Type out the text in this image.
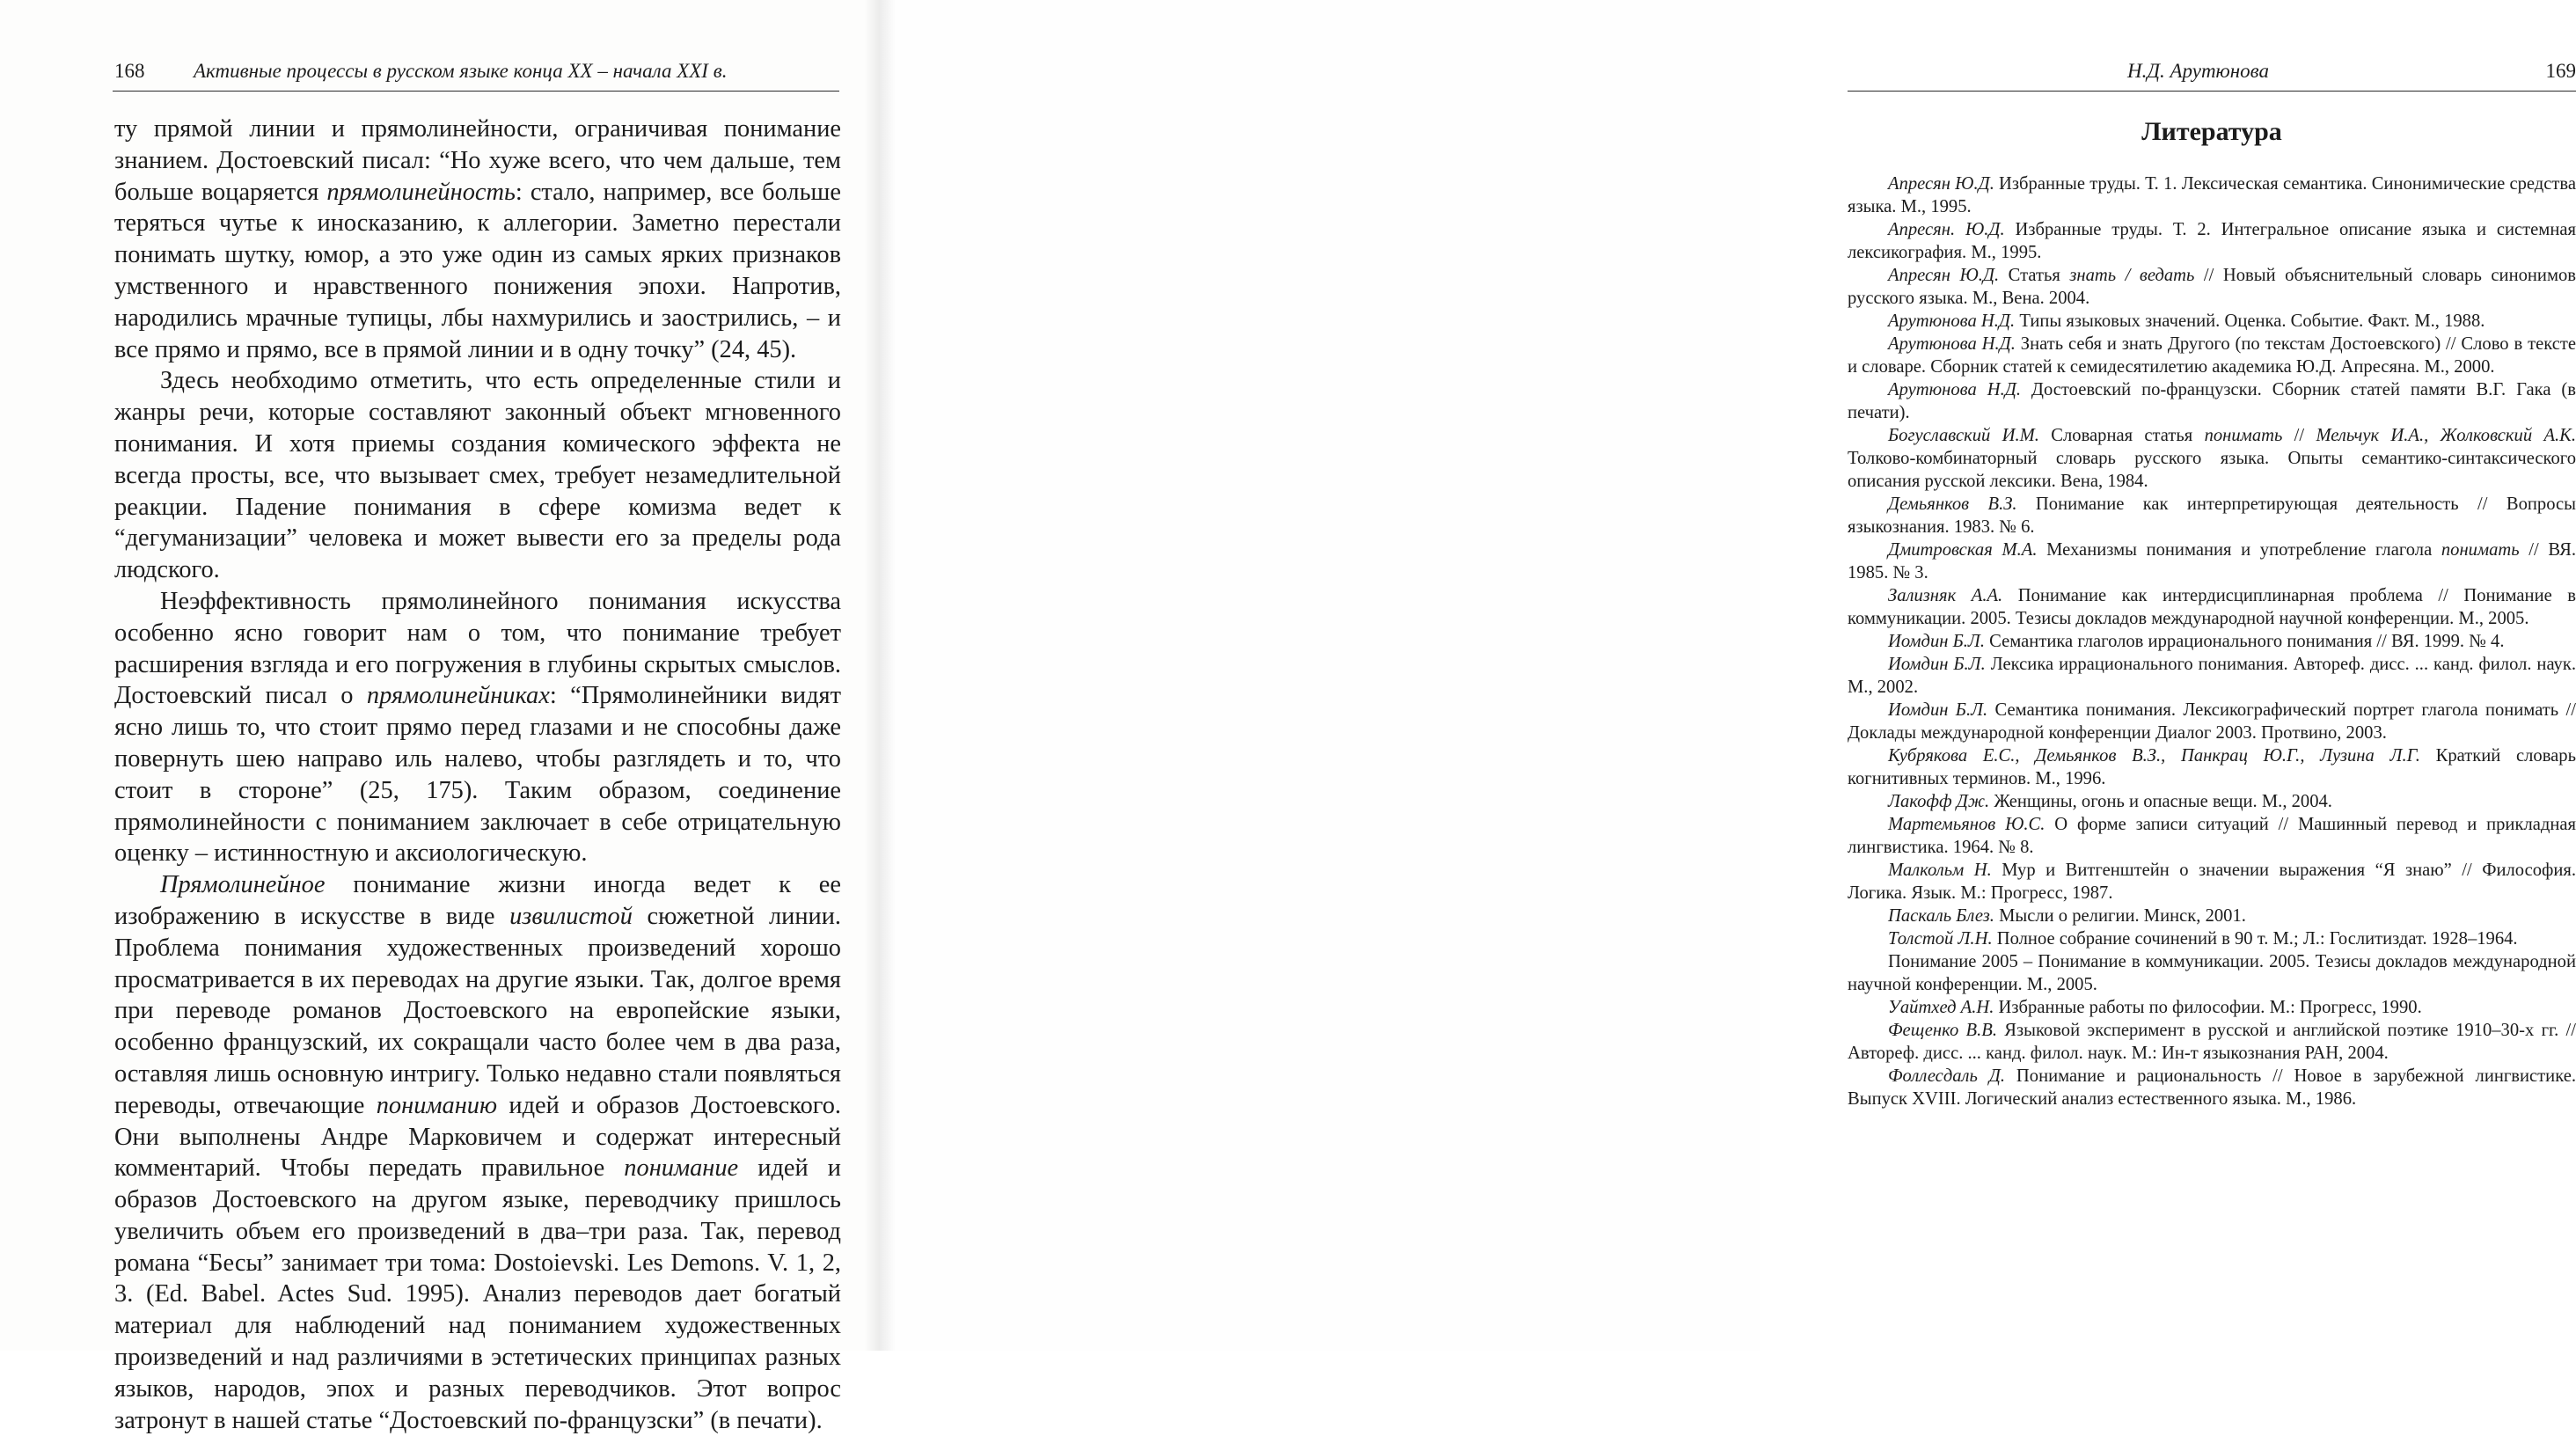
168 Активные процессы в русском языке конца XX – начала XXI в.

ту прямой линии и прямолинейности, ограничивая понимание знанием. Достоевский писал: “Но хуже всего, что чем дальше, тем больше воцаряется прямолинейность: стало, например, все больше теряться чутье к иносказанию, к аллегории. Заметно перестали понимать шутку, юмор, а это уже один из самых ярких признаков умственного и нравственного понижения эпохи. Напротив, народились мрачные тупицы, лбы нахмурились и заострились, – и все прямо и прямо, все в прямой линии и в одну точку” (24, 45).

Здесь необходимо отметить, что есть определенные стили и жанры речи, которые составляют законный объект мгновенного понимания. И хотя приемы создания комического эффекта не всегда просты, все, что вызывает смех, требует незамедлительной реакции. Падение понимания в сфере комизма ведет к “дегуманизации” человека и может вывести его за пределы рода людского.

Неэффективность прямолинейного понимания искусства особенно ясно говорит нам о том, что понимание требует расширения взгляда и его погружения в глубины скрытых смыслов. Достоевский писал о прямолинейниках: “Прямолинейники видят ясно лишь то, что стоит прямо перед глазами и не способны даже повернуть шею направо иль налево, чтобы разглядеть и то, что стоит в стороне” (25, 175). Таким образом, соединение прямолинейности с пониманием заключает в себе отрицательную оценку – истинностную и аксиологическую.

Прямолинейное понимание жизни иногда ведет к ее изображению в искусстве в виде извилистой сюжетной линии. Проблема понимания художественных произведений хорошо просматривается в их переводах на другие языки. Так, долгое время при переводе романов Достоевского на европейские языки, особенно французский, их сокращали часто более чем в два раза, оставляя лишь основную интригу. Только недавно стали появляться переводы, отвечающие пониманию идей и образов Достоевского. Они выполнены Андре Марковичем и содержат интересный комментарий. Чтобы передать правильное понимание идей и образов Достоевского на другом языке, переводчику пришлось увеличить объем его произведений в два–три раза. Так, перевод романа “Бесы” занимает три тома: Dostoievski. Les Demons. V. 1, 2, 3. (Ed. Babel. Actes Sud. 1995). Анализ переводов дает богатый материал для наблюдений над пониманием художественных произведений и над различиями в эстетических принципах разных языков, народов, эпох и разных переводчиков. Этот вопрос затронут в нашей статье “Достоевский по-французски” (в печати).

Н.Д. Арутюнова	169
Литература
Апресян Ю.Д. Избранные труды. Т. 1. Лексическая семантика. Синонимические средства языка. М., 1995.
Апресян. Ю.Д. Избранные труды. Т. 2. Интегральное описание языка и системная лексикография. М., 1995.
Апресян Ю.Д. Статья знать / ведать // Новый объяснительный словарь синонимов русского языка. М., Вена. 2004.
Арутюнова Н.Д. Типы языковых значений. Оценка. Событие. Факт. М., 1988.
Арутюнова Н.Д. Знать себя и знать Другого (по текстам Достоевского) // Слово в тексте и словаре. Сборник статей к семидесятилетию академика Ю.Д. Апресяна. М., 2000.
Арутюнова Н.Д. Достоевский по-французски. Сборник статей памяти В.Г. Гака (в печати).
Богуславский И.М. Словарная статья понимать // Мельчук И.А., Жолковский А.К. Толково-комбинаторный словарь русского языка. Опыты семантико-синтаксического описания русской лексики. Вена, 1984.
Демьянков В.З. Понимание как интерпретирующая деятельность // Вопросы языкознания. 1983. № 6.
Дмитровская М.А. Механизмы понимания и употребление глагола понимать // ВЯ. 1985. № 3.
Зализняк А.А. Понимание как интердисциплинарная проблема // Понимание в коммуникации. 2005. Тезисы докладов международной научной конференции. М., 2005.
Иомдин Б.Л. Семантика глаголов иррационального понимания // ВЯ. 1999. № 4.
Иомдин Б.Л. Лексика иррационального понимания. Автореф. дисс. ... канд. филол. наук. М., 2002.
Иомдин Б.Л. Семантика понимания. Лексикографический портрет глагола понимать // Доклады международной конференции Диалог 2003. Протвино, 2003.
Кубрякова Е.С., Демьянков В.З., Панкрац Ю.Г., Лузина Л.Г. Краткий словарь когнитивных терминов. М., 1996.
Лакофф Дж. Женщины, огонь и опасные вещи. М., 2004.
Мартемьянов Ю.С. О форме записи ситуаций // Машинный перевод и прикладная лингвистика. 1964. № 8.
Малкольм Н. Мур и Витгенштейн о значении выражения “Я знаю” // Философия. Логика. Язык. М.: Прогресс, 1987.
Паскаль Блез. Мысли о религии. Минск, 2001.
Толстой Л.Н. Полное собрание сочинений в 90 т. М.; Л.: Гослитиздат. 1928–1964.
Понимание 2005 – Понимание в коммуникации. 2005. Тезисы докладов международной научной конференции. М., 2005.
Уайтхед А.Н. Избранные работы по философии. М.: Прогресс, 1990.
Фещенко В.В. Языковой эксперимент в русской и английской поэтике 1910–30-х гг. // Автореф. дисс. ... канд. филол. наук. М.: Ин-т языкознания РАН, 2004.
Фоллесдаль Д. Понимание и рациональность // Новое в зарубежной лингвистике. Выпуск XVIII. Логический анализ естественного языка. М., 1986.
